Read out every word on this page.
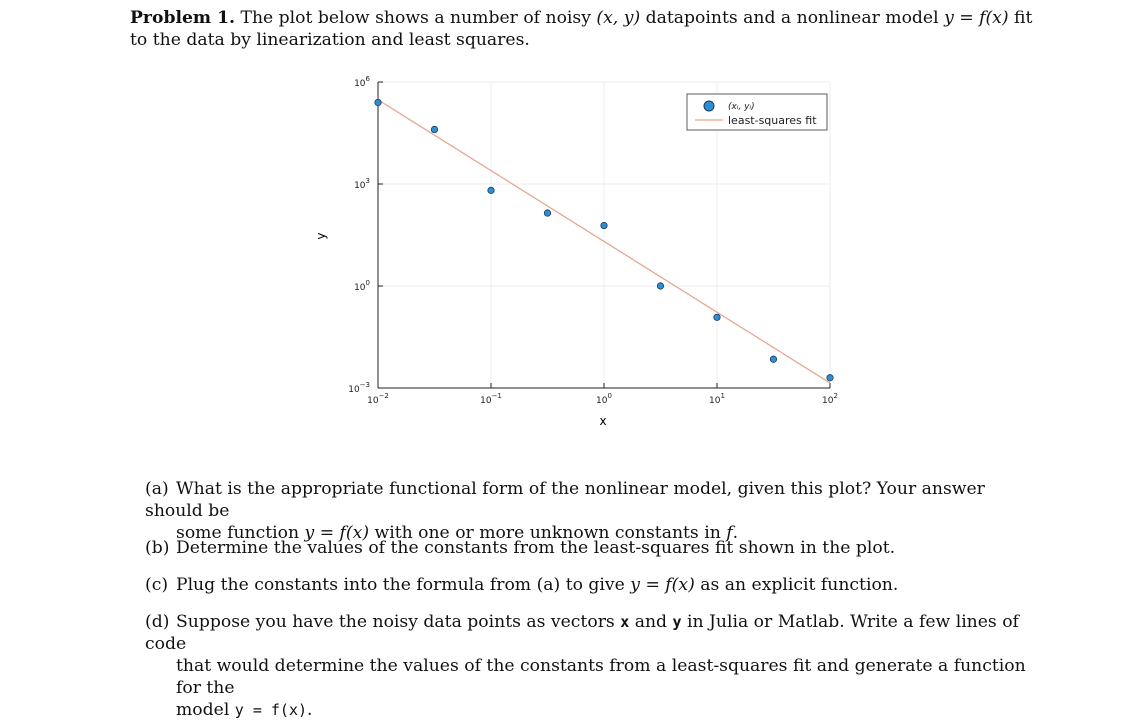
Problem 1. The plot below shows a number of noisy (x, y) datapoints and a nonlinear model y = f(x) fit to the data by linearization and least squares.
$10^{-2}$	$10^{-1}$	$10^0$	$10^1$	$10^2$
$10^{-3}$
$10^0$
$10^3$
$10^6$
x
y
(xᵢ, yᵢ)
least-squares fit
(a) What is the appropriate functional form of the nonlinear model, given this plot? Your answer should be
some function y = f(x) with one or more unknown constants in f.
(b) Determine the values of the constants from the least-squares fit shown in the plot.
(c) Plug the constants into the formula from (a) to give y = f(x) as an explicit function.
(d) Suppose you have the noisy data points as vectors x and y in Julia or Matlab. Write a few lines of code
that would determine the values of the constants from a least-squares fit and generate a function for the
model y = f(x).
